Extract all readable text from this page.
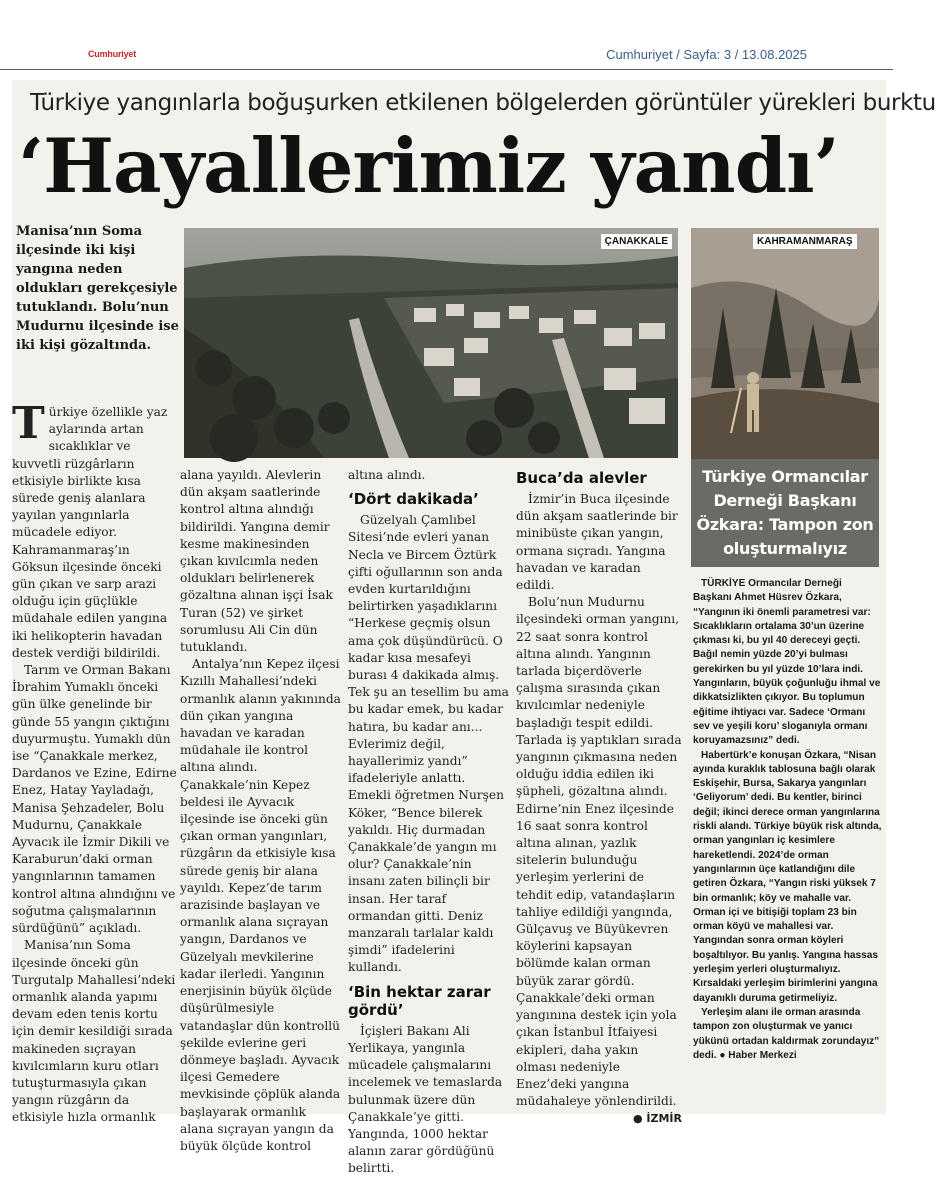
Cumhuriyet	Cumhuriyet / Sayfa: 3 / 13.08.2025
Türkiye yangınlarla boğuşurken etkilenen bölgelerden görüntüler yürekleri burktu
‘Hayallerimiz yandı’
Manisa’nın Soma ilçesinde iki kişi yangına neden oldukları gerekçesiyle tutuklandı. Bolu’nun Mudurnu ilçesinde ise iki kişi gözaltında.
ÇANAKKALE	KAHRAMANMARAŞ

Türkiye özellikle yaz aylarında artan sıcaklıklar ve kuvvetli rüzgârların etkisiyle birlikte kısa sürede geniş alanlara yayılan yangınlarla mücadele ediyor. Kahramanmaraş’ın Göksun ilçesinde önceki gün çıkan ve sarp arazi olduğu için güçlükle müdahale edilen yangına iki helikopterin havadan destek verdiği bildirildi.

Tarım ve Orman Bakanı İbrahim Yumaklı önceki gün ülke genelinde bir günde 55 yangın çıktığını duyurmuştu. Yumaklı dün ise “Çanakkale merkez, Dardanos ve Ezine, Edirne Enez, Hatay Yayladağı, Manisa Şehzadeler, Bolu Mudurnu, Çanakkale Ayvacık ile İzmir Dikili ve Karaburun’daki orman yangınlarının tamamen kontrol altına alındığını ve soğutma çalışmalarının sürdüğünü” açıkladı.

Manisa’nın Soma ilçesinde önceki gün Turgutalp Mahallesi’ndeki ormanlık alanda yapımı devam eden tenis kortu için demir kesildiği sırada makineden sıçrayan kıvılcımların kuru otları tutuşturmasıyla çıkan yangın rüzgârın da etkisiyle hızla ormanlık

alana yayıldı. Alevlerin dün akşam saatlerinde kontrol altına alındığı bildirildi. Yangına demir kesme makinesinden çıkan kıvılcımla neden oldukları belirlenerek gözaltına alınan işçi İsak Turan (52) ve şirket sorumlusu Ali Cin dün tutuklandı.

Antalya’nın Kepez ilçesi Kızıllı Mahallesi’ndeki ormanlık alanın yakınında dün çıkan yangına havadan ve karadan müdahale ile kontrol altına alındı. Çanakkale’nin Kepez beldesi ile Ayvacık ilçesinde ise önceki gün çıkan orman yangınları, rüzgârın da etkisiyle kısa sürede geniş bir alana yayıldı. Kepez’de tarım arazisinde başlayan ve ormanlık alana sıçrayan yangın, Dardanos ve Güzelyalı mevkilerine kadar ilerledi. Yangının enerjisinin büyük ölçüde düşürülmesiyle vatandaşlar dün kontrollü şekilde evlerine geri dönmeye başladı. Ayvacık ilçesi Gemedere mevkisinde çöplük alanda başlayarak ormanlık alana sıçrayan yangın da büyük ölçüde kontrol

altına alındı.

‘Dört dakikada’

Güzelyalı Çamlıbel Sitesi’nde evleri yanan Necla ve Bircem Öztürk çifti oğullarının son anda evden kurtarıldığını belirtirken yaşadıklarını “Herkese geçmiş olsun ama çok düşündürücü. O kadar kısa mesafeyi burası 4 dakikada almış. Tek şu an tesellim bu ama bu kadar emek, bu kadar hatıra, bu kadar anı... Evlerimiz değil, hayallerimiz yandı” ifadeleriyle anlattı. Emekli öğretmen Nurşen Köker, “Bence bilerek yakıldı. Hiç durmadan Çanakkale’de yangın mı olur? Çanakkale’nin insanı zaten bilinçli bir insan. Her taraf ormandan gitti. Deniz manzaralı tarlalar kaldı şimdi” ifadelerini kullandı.

‘Bin hektar zarar gördü’

İçişleri Bakanı Ali Yerlikaya, yangınla mücadele çalışmalarını incelemek ve temaslarda bulunmak üzere dün Çanakkale’ye gitti. Yangında, 1000 hektar alanın zarar gördüğünü belirtti.

Buca’da alevler

İzmir’in Buca ilçesinde dün akşam saatlerinde bir minibüste çıkan yangın, ormana sıçradı. Yangına havadan ve karadan edildi.

Bolu’nun Mudurnu ilçesindeki orman yangını, 22 saat sonra kontrol altına alındı. Yangının tarlada biçerdöverle çalışma sırasında çıkan kıvılcımlar nedeniyle başladığı tespit edildi. Tarlada iş yaptıkları sırada yangının çıkmasına neden olduğu iddia edilen iki şüpheli, gözaltına alındı. Edirne’nin Enez ilçesinde 16 saat sonra kontrol altına alınan, yazlık sitelerin bulunduğu yerleşim yerlerini de tehdit edip, vatandaşların tahliye edildiği yangında, Gülçavuş ve Büyükevren köylerini kapsayan bölümde kalan orman büyük zarar gördü. Çanakkale’deki orman yangınına destek için yola çıkan İstanbul İtfaiyesi ekipleri, daha yakın olması nedeniyle Enez’deki yangına müdahaleye yönlendirildi.

● İZMİR

Türkiye Ormancılar Derneği Başkanı Özkara: Tampon zon oluşturmalıyız

TÜRKİYE Ormancılar Derneği Başkanı Ahmet Hüsrev Özkara, “Yangının iki önemli parametresi var: Sıcaklıkların ortalama 30’un üzerine çıkması ki, bu yıl 40 dereceyi geçti. Bağıl nemin yüzde 20’yi bulması gerekirken bu yıl yüzde 10’lara indi. Yangınların, büyük çoğunluğu ihmal ve dikkatsizlikten çıkıyor. Bu toplumun eğitime ihtiyacı var. Sadece ‘Ormanı sev ve yeşili koru’ sloganıyla ormanı koruyamazsınız” dedi.

Habertürk’e konuşan Özkara, “Nisan ayında kuraklık tablosuna bağlı olarak Eskişehir, Bursa, Sakarya yangınları ‘Geliyorum’ dedi. Bu kentler, birinci değil; ikinci derece orman yangınlarına riskli alandı. Türkiye büyük risk altında, orman yangınları iç kesimlere hareketlendi. 2024’de orman yangınlarının üçe katlandığını dile getiren Özkara, “Yangın riski yüksek 7 bin ormanlık; köy ve mahalle var. Orman içi ve bitişiği toplam 23 bin orman köyü ve mahallesi var. Yangından sonra orman köyleri boşaltılıyor. Bu yanlış. Yangına hassas yerleşim yerleri oluşturmalıyız. Kırsaldaki yerleşim birimlerini yangına dayanıklı duruma getirmeliyiz.

Yerleşim alanı ile orman arasında tampon zon oluşturmak ve yanıcı yükünü ortadan kaldırmak zorundayız” dedi. ● Haber Merkezi
